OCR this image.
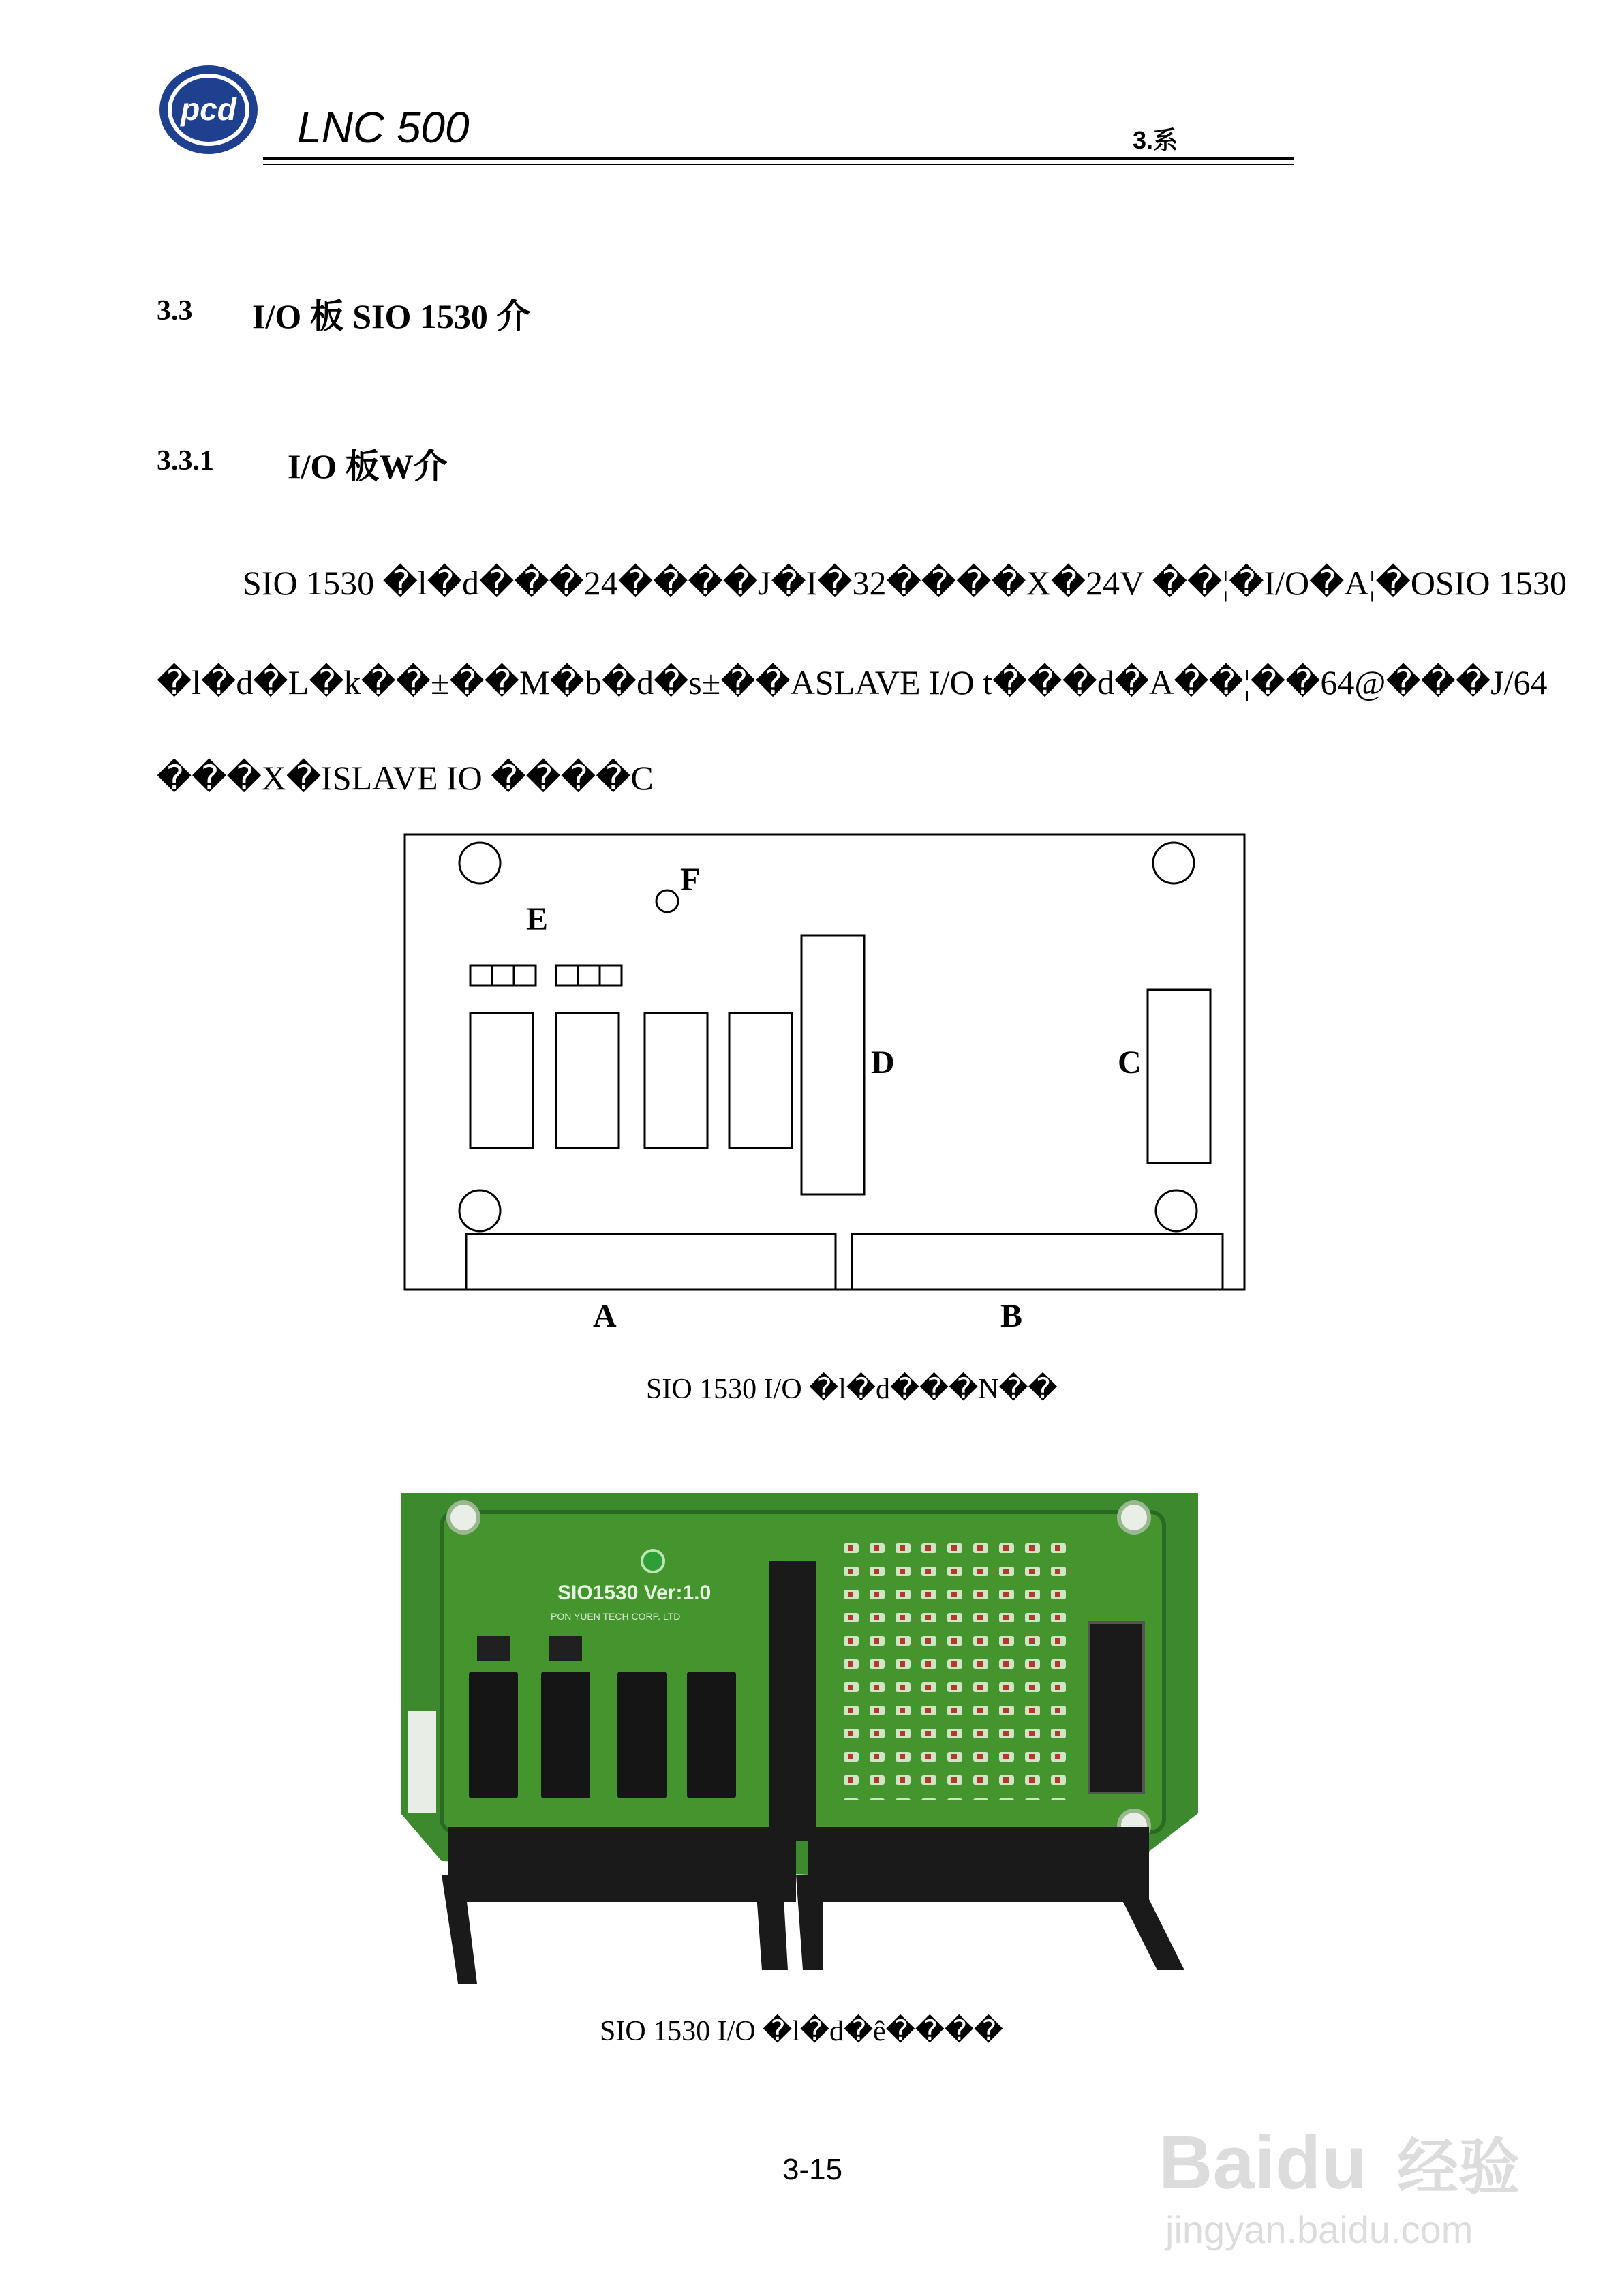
pcd LNC 500	3.系
3.3 I/O 板 SIO 1530 介
3.3.1 I/O 板W介
SIO 1530 �l�d���24����J�I�32����X�24V ��¦�I/O�A¦�OSIO 1530
�l�d�L�k��±��M�b�d�s±��ASLAVE I/O t���d�A��¦��64@���J/64
���X�ISLAVE IO ����C
E
F
D	C
A	B
SIO 1530 I/O �l�d���N��
SIO1530 Ver:1.0
PON YUEN TECH CORP. LTD
SIO 1530 I/O �l�d�ê����
3-15	Baidu 经验
jingyan.baidu.com
